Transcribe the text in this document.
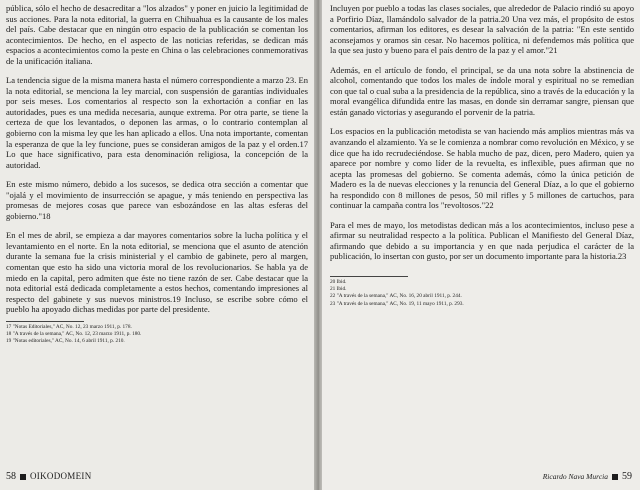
pública, sólo el hecho de desacreditar a "los alzados" y poner en juicio la legitimidad de sus acciones. Para la nota editorial, la guerra en Chihuahua es la causante de los males del país. Cabe destacar que en ningún otro espacio de la publicación se comentan los acontecimientos. De hecho, en el aspecto de las noticias referidas, se dedican más espacios a acontecimientos como la peste en China o las celebraciones conmemorativas de la unificación italiana.

La tendencia sigue de la misma manera hasta el número correspondiente a marzo 23. En la nota editorial, se menciona la ley marcial, con suspensión de garantías individuales por seis meses. Los comentarios al respecto son la exhortación a confiar en las autoridades, pues es una medida necesaria, aunque extrema. Por otra parte, se tiene la certeza de que los levantados, o deponen las armas, o lo contrario contemplan al gobierno con la misma ley que les han aplicado a ellos. Una nota importante, comentan la esperanza de que la ley funcione, pues se consideran amigos de la paz y el orden.17 Lo que hace significativo, para esta denominación religiosa, la concepción de la autoridad.

En este mismo número, debido a los sucesos, se dedica otra sección a comentar que "ojalá y el movimiento de insurrección se apague, y más teniendo en perspectiva las promesas de mejores cosas que parece van esbozándose en las altas esferas del gobierno."18

En el mes de abril, se empieza a dar mayores comentarios sobre la lucha política y el levantamiento en el norte. En la nota editorial, se menciona que el asunto de atención durante la semana fue la crisis ministerial y el cambio de gabinete, pero al margen, comentan que esto ha sido una victoria moral de los revolucionarios. Se habla ya de miedo en la capital, pero admiten que éste no tiene razón de ser. Cabe destacar que la nota editorial está dedicada completamente a estos hechos, comentando impresiones al respecto del gabinete y sus nuevos ministros.19 Incluso, se escribe sobre cómo el pueblo ha apoyado dichas medidas por parte del presidente.

17 "Notas Editoriales," AC, No. 12, 23 marzo 1911, p. 178.

18 "A través de la semana," AC, No. 12, 23 marzo 1911, p. 180.

19 "Notas editoriales," AC, No. 14, 6 abril 1911, p. 210.

58 OIKODOMEIN

Incluyen por pueblo a todas las clases sociales, que alrededor de Palacio rindió su apoyo a Porfirio Díaz, llamándolo salvador de la patria.20 Una vez más, el propósito de estos comentarios, afirman los editores, es desear la salvación de la patria: "En este sentido aconsejamos y oramos sin cesar. No hacemos política, ni defendemos más política que la que sea justo y bueno para el país dentro de la paz y el amor."21

Además, en el artículo de fondo, el principal, se da una nota sobre la abstinencia de alcohol, comentando que todos los males de índole moral y espiritual no se remedian con que tal o cual suba a la presidencia de la república, sino a través de la educación y la moral evangélica difundida entre las masas, en donde sin derramar sangre, piensan que están ganado victorias y asegurando el porvenir de la patria.

Los espacios en la publicación metodista se van haciendo más amplios mientras más va avanzando el alzamiento. Ya se le comienza a nombrar como revolución en México, y se dice que ha ido recrudeciéndose. Se habla mucho de paz, dicen, pero Madero, quien ya aparece por nombre y como líder de la revuelta, es inflexible, pues afirman que no acepta las promesas del gobierno. Se comenta además, cómo la única petición de Madero es la de nuevas elecciones y la renuncia del General Díaz, a lo que el gobierno ha respondido con 8 millones de pesos, 50 mil rifles y 5 millones de cartuchos, para continuar la campaña contra los "revoltosos."22

Para el mes de mayo, los metodistas dedican más a los acontecimientos, incluso pese a afirmar su neutralidad respecto a la política. Publican el Manifiesto del General Díaz, afirmando que debido a su importancia y en que nada perjudica el carácter de la publicación, lo insertan con gusto, por ser un documento importante para la historia.23

20 Ibid.

21 Ibid.

22 "A través de la semana," AC, No. 16, 20 abril 1911, p. 244.

23 "A través de la semana," AC, No. 19, 11 mayo 1911, p. 293.

Ricardo Nava Murcia 59
